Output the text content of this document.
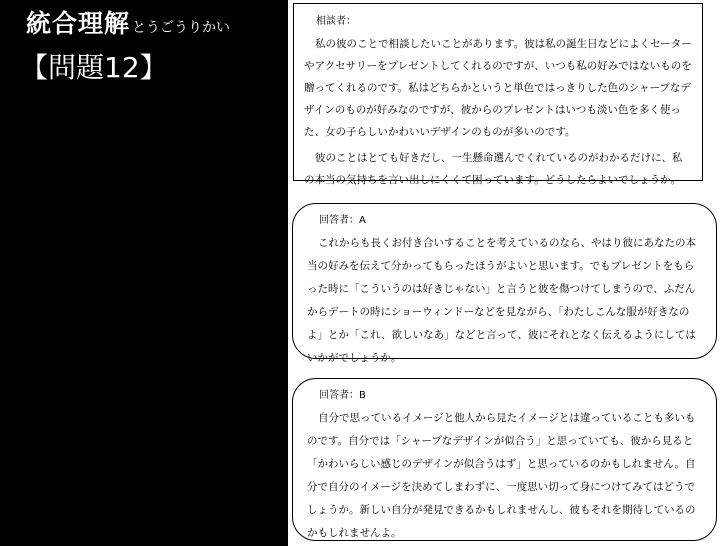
統合理解 とうごうりかい
【問題12】
相談者：

私の彼のことで相談したいことがあります。彼は私の誕生日などによくセーターやアクセサリーをプレゼントしてくれるのですが、いつも私の好みではないものを贈ってくれるのです。私はどちらかというと単色ではっきりした色のシャープなデザインのものが好みなのですが、彼からのプレゼントはいつも淡い色を多く使った、女の子らしいかわいいデザインのものが多いのです。

彼のことはとても好きだし、一生懸命選んでくれているのがわかるだけに、私の本当の気持ちを言い出しにくくて困っています。どうしたらよいでしょうか。

回答者：A

これからも長くお付き合いすることを考えているのなら、やはり彼にあなたの本当の好みを伝えて分かってもらったほうがよいと思います。でもプレゼントをもらった時に「こういうのは好きじゃない」と言うと彼を傷つけてしまうので、ふだんからデートの時にショーウィンドーなどを見ながら、「わたしこんな服が好きなのよ」とか「これ、欲しいなあ」などと言って、彼にそれとなく伝えるようにしてはいかがでしょうか。

回答者：B

自分で思っているイメージと他人から見たイメージとは違っていることも多いものです。自分では「シャープなデザインが似合う」と思っていても、彼から見ると「かわいらしい感じのデザインが似合うはず」と思っているのかもしれません。自分で自分のイメージを決めてしまわずに、一度思い切って身につけてみてはどうでしょうか。新しい自分が発見できるかもしれませんし、彼もそれを期待しているのかもしれませんよ。
